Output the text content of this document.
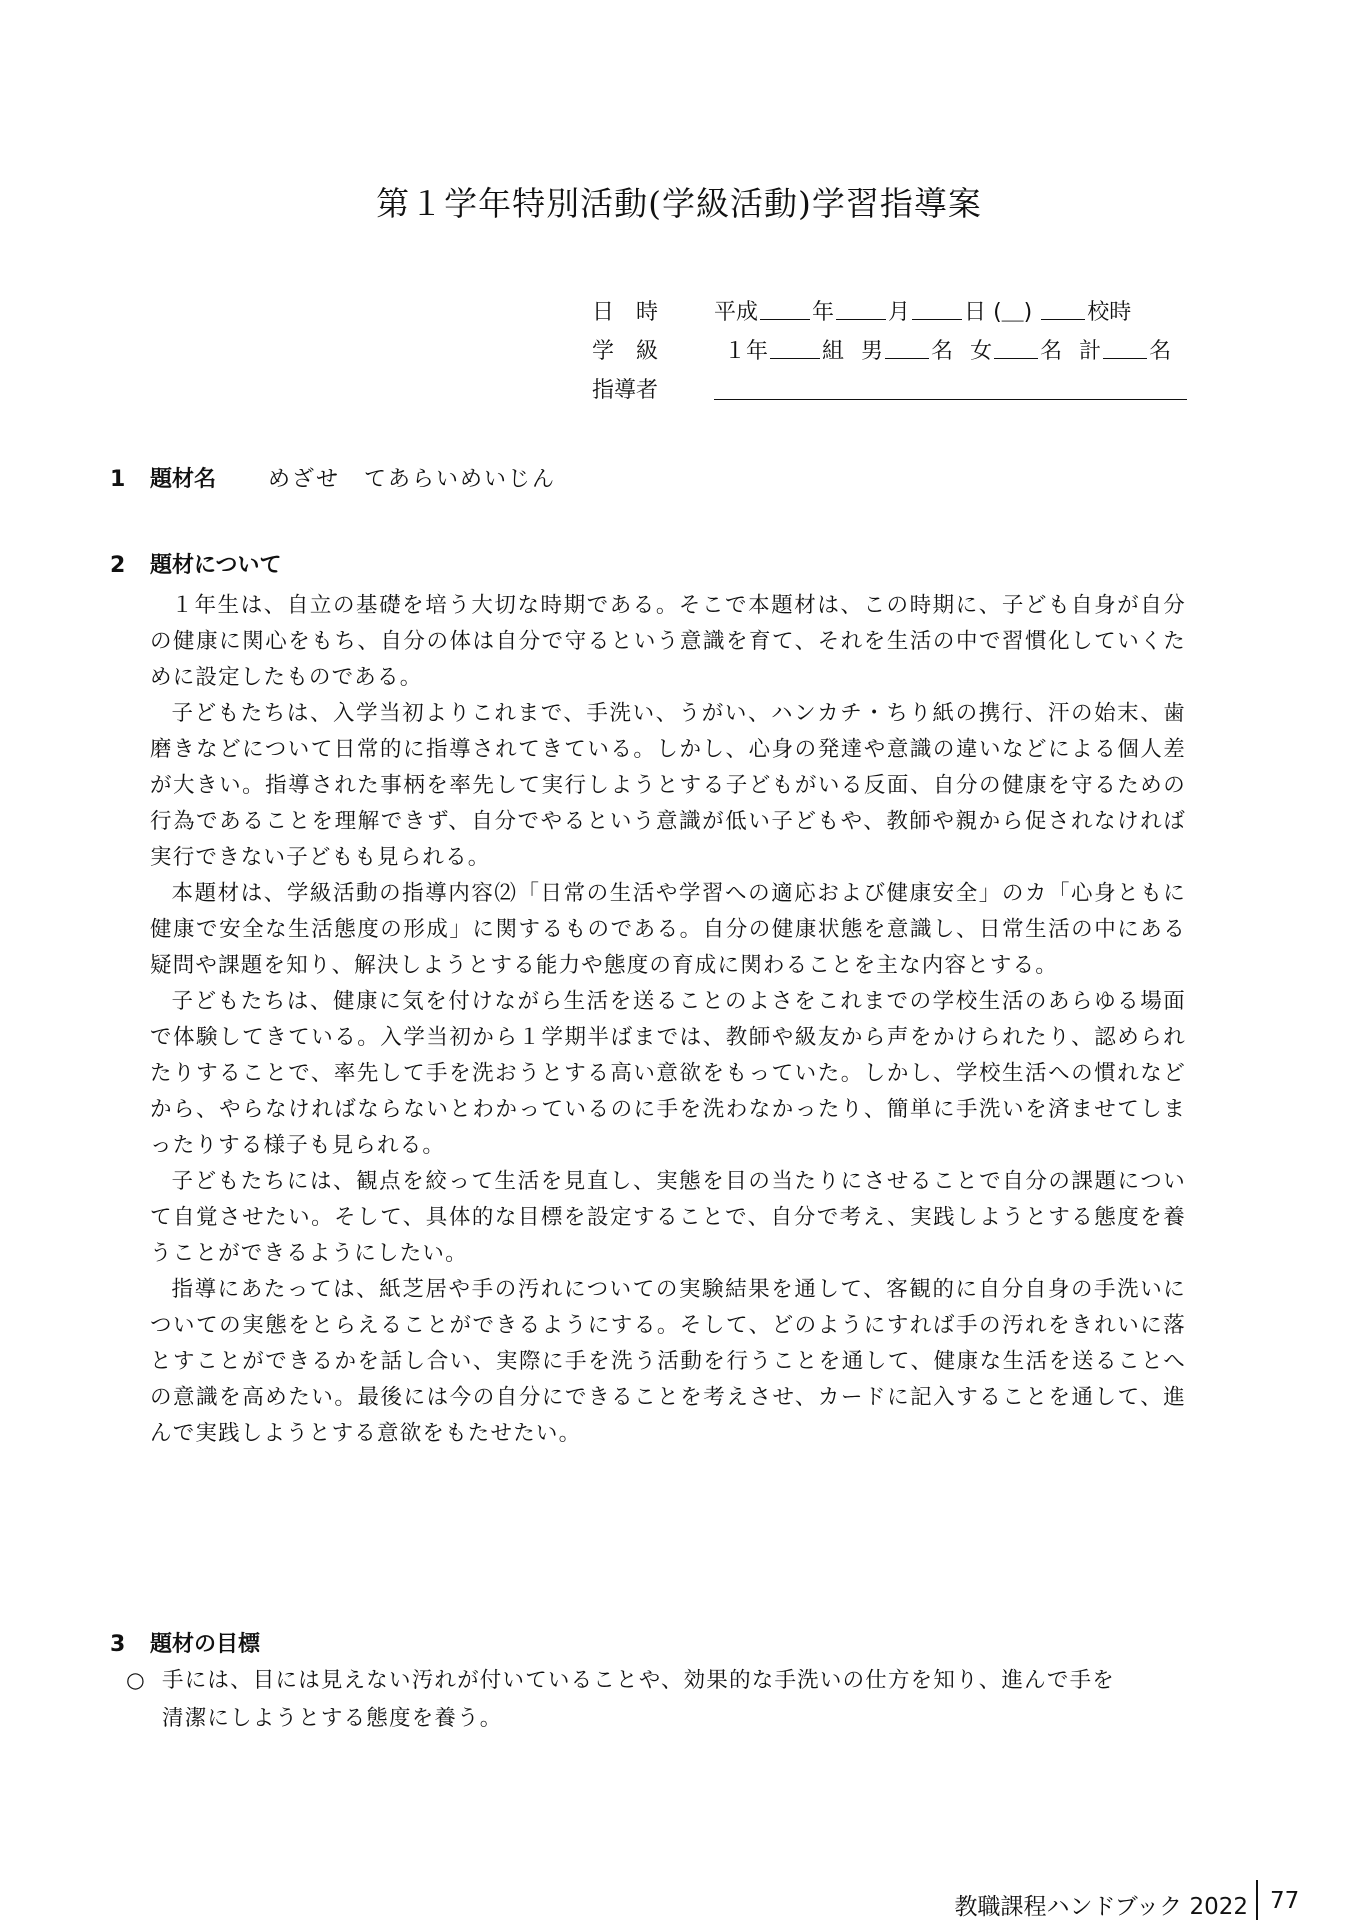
第１学年特別活動(学級活動)学習指導案
日　時	平成 年 月 日 (＿)	校時
学　級	１年 組 男 名 女 名 計 名
指導者
1 題材名 めざせ　てあらいめいじん
2 題材について

１年生は、自立の基礎を培う大切な時期である。そこで本題材は、この時期に、子ども自身が自分の健康に関心をもち、自分の体は自分で守るという意識を育て、それを生活の中で習慣化していくために設定したものである。

子どもたちは、入学当初よりこれまで、手洗い、うがい、ハンカチ・ちり紙の携行、汗の始末、歯磨きなどについて日常的に指導されてきている。しかし、心身の発達や意識の違いなどによる個人差が大きい。指導された事柄を率先して実行しようとする子どもがいる反面、自分の健康を守るための行為であることを理解できず、自分でやるという意識が低い子どもや、教師や親から促されなければ実行できない子どもも見られる。

本題材は、学級活動の指導内容⑵「日常の生活や学習への適応および健康安全」のカ「心身ともに健康で安全な生活態度の形成」に関するものである。自分の健康状態を意識し、日常生活の中にある疑問や課題を知り、解決しようとする能力や態度の育成に関わることを主な内容とする。

子どもたちは、健康に気を付けながら生活を送ることのよさをこれまでの学校生活のあらゆる場面で体験してきている。入学当初から１学期半ばまでは、教師や級友から声をかけられたり、認められたりすることで、率先して手を洗おうとする高い意欲をもっていた。しかし、学校生活への慣れなどから、やらなければならないとわかっているのに手を洗わなかったり、簡単に手洗いを済ませてしまったりする様子も見られる。

子どもたちには、観点を絞って生活を見直し、実態を目の当たりにさせることで自分の課題について自覚させたい。そして、具体的な目標を設定することで、自分で考え、実践しようとする態度を養うことができるようにしたい。

指導にあたっては、紙芝居や手の汚れについての実験結果を通して、客観的に自分自身の手洗いについての実態をとらえることができるようにする。そして、どのようにすれば手の汚れをきれいに落とすことができるかを話し合い、実際に手を洗う活動を行うことを通して、健康な生活を送ることへの意識を高めたい。最後には今の自分にできることを考えさせ、カードに記入することを通して、進んで実践しようとする意欲をもたせたい。

3 題材の目標
○ 手には、目には見えない汚れが付いていることや、効果的な手洗いの仕方を知り、進んで手を
清潔にしようとする態度を養う。
教職課程ハンドブック 2022 77
